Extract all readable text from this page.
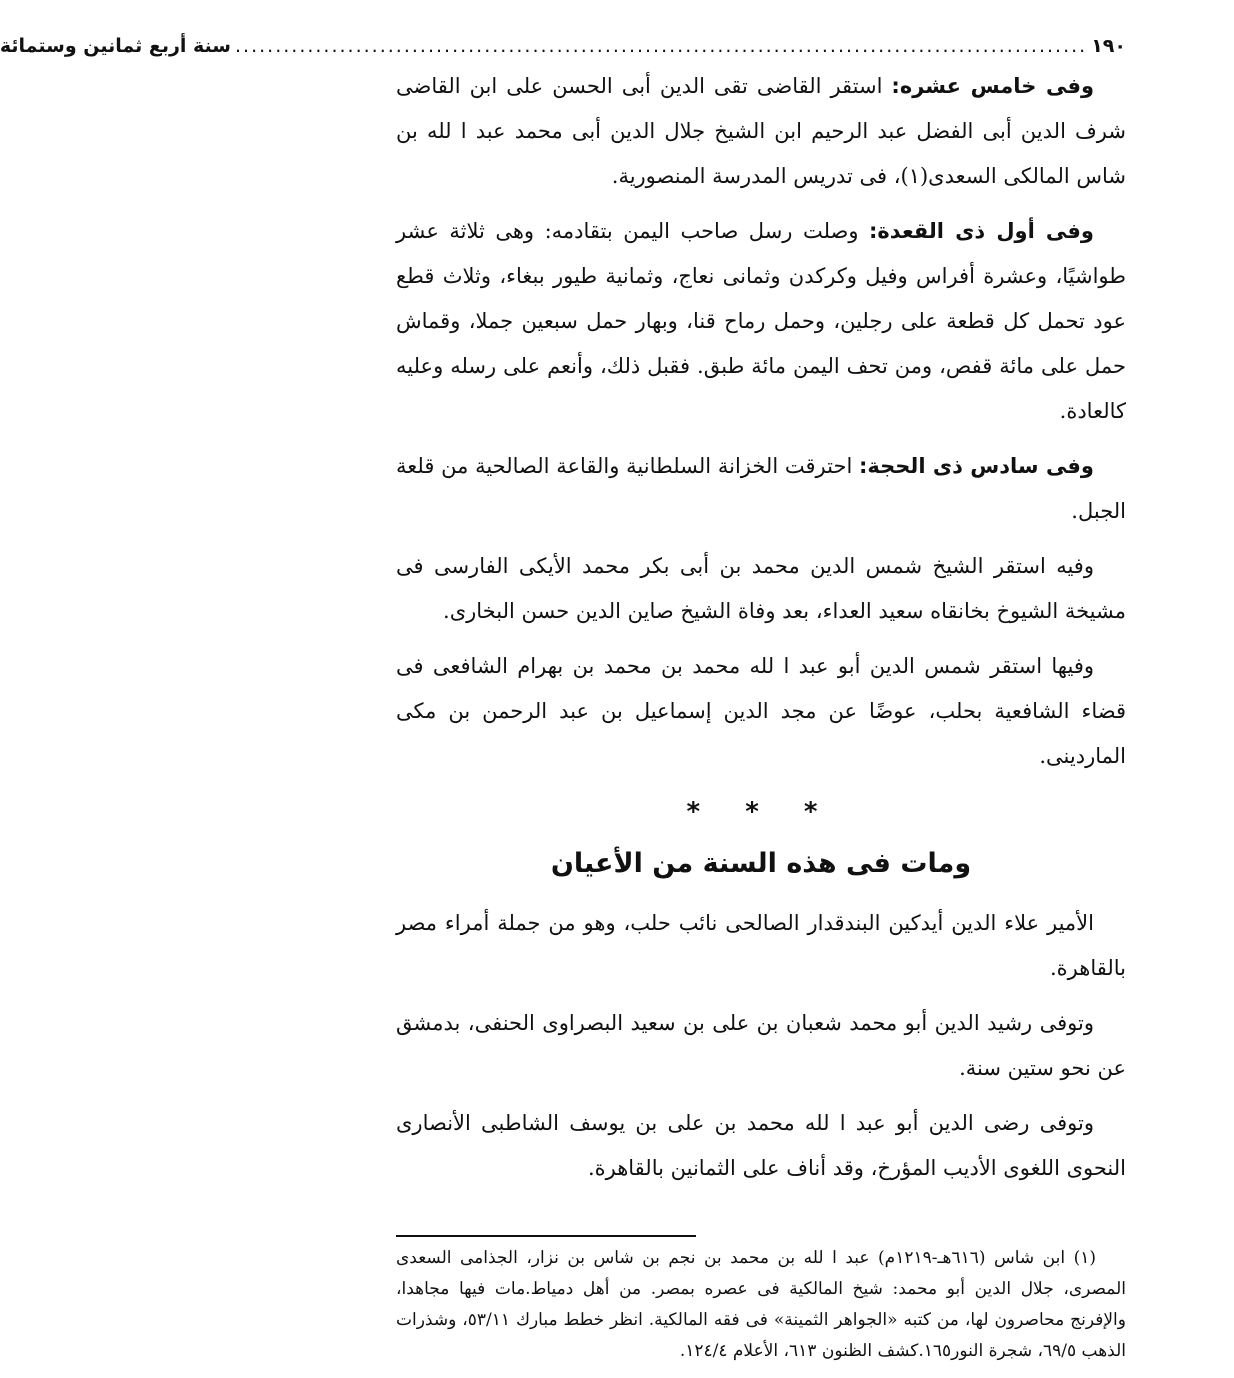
١٩٠
..........................................................................................................
سنة أربع ثمانين وستمائة

وفى خامس عشره: استقر القاضى تقى الدين أبى الحسن على ابن القاضى شرف الدين أبى الفضل عبد الرحيم ابن الشيخ جلال الدين أبى محمد عبد ا لله بن شاس المالكى السعدى(١)، فى تدريس المدرسة المنصورية.

وفى أول ذى القعدة: وصلت رسل صاحب اليمن بتقادمه: وهى ثلاثة عشر طواشيًا، وعشرة أفراس وفيل وكركدن وثمانى نعاج، وثمانية طيور ببغاء، وثلاث قطع عود تحمل كل قطعة على رجلين، وحمل رماح قنا، وبهار حمل سبعين جملا، وقماش حمل على مائة قفص، ومن تحف اليمن مائة طبق. فقبل ذلك، وأنعم على رسله وعليه كالعادة.

وفى سادس ذى الحجة: احترقت الخزانة السلطانية والقاعة الصالحية من قلعة الجبل.

وفيه استقر الشيخ شمس الدين محمد بن أبى بكر محمد الأيكى الفارسى فى مشيخة الشيوخ بخانقاه سعيد العداء، بعد وفاة الشيخ صاين الدين حسن البخارى.

وفيها استقر شمس الدين أبو عبد ا لله محمد بن محمد بن بهرام الشافعى فى قضاء الشافعية بحلب، عوضًا عن مجد الدين إسماعيل بن عبد الرحمن بن مكى الماردينى.

* * *
ومات فى هذه السنة من الأعيان

الأمير علاء الدين أيدكين البندقدار الصالحى نائب حلب، وهو من جملة أمراء مصر بالقاهرة.

وتوفى رشيد الدين أبو محمد شعبان بن على بن سعيد البصراوى الحنفى، بدمشق عن نحو ستين سنة.

وتوفى رضى الدين أبو عبد ا لله محمد بن على بن يوسف الشاطبى الأنصارى النحوى اللغوى الأديب المؤرخ، وقد أناف على الثمانين بالقاهرة.

(١) ابن شاس (٦١٦هـ-١٢١٩م) عبد ا لله بن محمد بن نجم بن شاس بن نزار، الجذامى السعدى المصرى، جلال الدين أبو محمد: شيخ المالكية فى عصره بمصر. من أهل دمياط.مات فيها مجاهدا، والإفرنج محاصرون لها، من كتبه «الجواهر الثمينة» فى فقه المالكية. انظر خطط مبارك ٥٣/١١، وشذرات الذهب ٦٩/٥، شجرة النور١٦٥.كشف الظنون ٦١٣، الأعلام ١٢٤/٤.
